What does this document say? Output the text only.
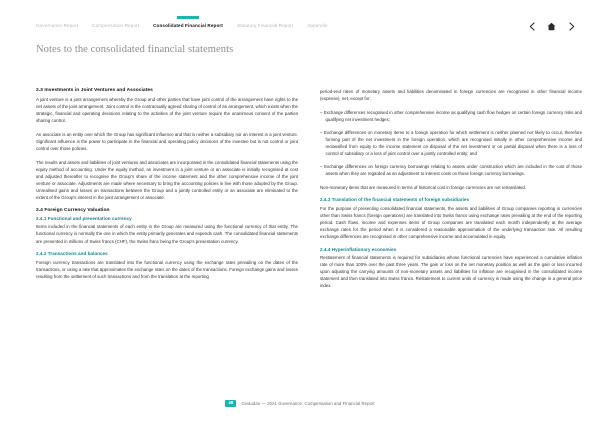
Governance Report	Compensation Report	Consolidated Financial Report	Statutory Financial Report	Appendix
Notes to the consolidated financial statements
2.3 Investments in Joint Ventures and Associates

A joint venture is a joint arrangement whereby the Group and other parties that have joint control of the arrangement have rights to the net assets of the joint arrangement. Joint control is the contractually agreed sharing of control of an arrangement, which exists when the strategic, financial and operating decisions relating to the activities of the joint venture require the unanimous consent of the parties sharing control.

An associate is an entity over which the Group has significant influence and that is neither a subsidiary nor an interest in a joint venture. Significant influence is the power to participate in the financial and operating policy decisions of the investee but is not control or joint control over those policies.

The results and assets and liabilities of joint ventures and associates are incorporated in the consolidated financial statements using the equity method of accounting. Under the equity method, an investment in a joint venture or an associate is initially recognised at cost and adjusted thereafter to recognise the Group's share of the income statement and the other comprehensive income of the joint venture or associate. Adjustments are made where necessary to bring the accounting policies in line with those adopted by the Group. Unrealised gains and losses on transactions between the Group and a jointly controlled entity or an associate are eliminated to the extent of the Group's interest in the joint arrangement or associate.

2.4 Foreign Currency Valuation
2.4.1 Functional and presentation currency

Items included in the financial statements of each entity in the Group are measured using the functional currency of that entity. The functional currency is normally the one in which the entity primarily generates and expends cash. The consolidated financial statements are presented in millions of Swiss francs (CHF), the Swiss franc being the Group's presentation currency.

2.4.2 Transactions and balances

Foreign currency transactions are translated into the functional currency using the exchange rates prevailing on the dates of the transactions, or using a rate that approximates the exchange rates on the dates of the transactions. Foreign exchange gains and losses resulting from the settlement of such transactions and from the translation at the reporting

period-end rates of monetary assets and liabilities denominated in foreign currencies are recognised in other financial income (expense), net, except for:

– Exchange differences recognised in other comprehensive income as qualifying cash flow hedges on certain foreign currency risks and qualifying net investment hedges;

– Exchange differences on monetary items to a foreign operation for which settlement is neither planned nor likely to occur, therefore forming part of the net investment in the foreign operation, which are recognised initially in other comprehensive income and reclassified from equity to the income statement on disposal of the net investment or on partial disposal when there is a loss of control of subsidiary or a loss of joint control over a jointly controlled entity; and

– Exchange differences on foreign currency borrowings relating to assets under construction which are included in the cost of those assets when they are regarded as an adjustment to interest costs on those foreign currency borrowings.

Non-monetary items that are measured in terms of historical cost in foreign currencies are not retranslated.

2.4.3 Translation of the financial statements of foreign subsidiaries

For the purpose of presenting consolidated financial statements, the assets and liabilities of Group companies reporting in currencies other than Swiss francs (foreign operations) are translated into Swiss francs using exchange rates prevailing at the end of the reporting period. Cash flows, income and expenses items of Group companies are translated each month independently at the average exchange rates for the period when it is considered a reasonable approximation of the underlying transaction rate. All resulting exchange differences are recognised in other comprehensive income and accumulated in equity.

2.4.4 Hyperinflationary economies

Restatement of financial statements is required for subsidiaries whose functional currencies have experienced a cumulative inflation rate of more than 100% over the past three years. The gain or loss on the net monetary position as well as the gain or loss incurred upon adjusting the carrying amounts of non-monetary assets and liabilities for inflation are recognised in the consolidated income statement and then translated into Swiss francs. Restatement to current units of currency is made using the change in a general price index.

48	Givaudan — 2021 Governance, Compensation and Financial Report
